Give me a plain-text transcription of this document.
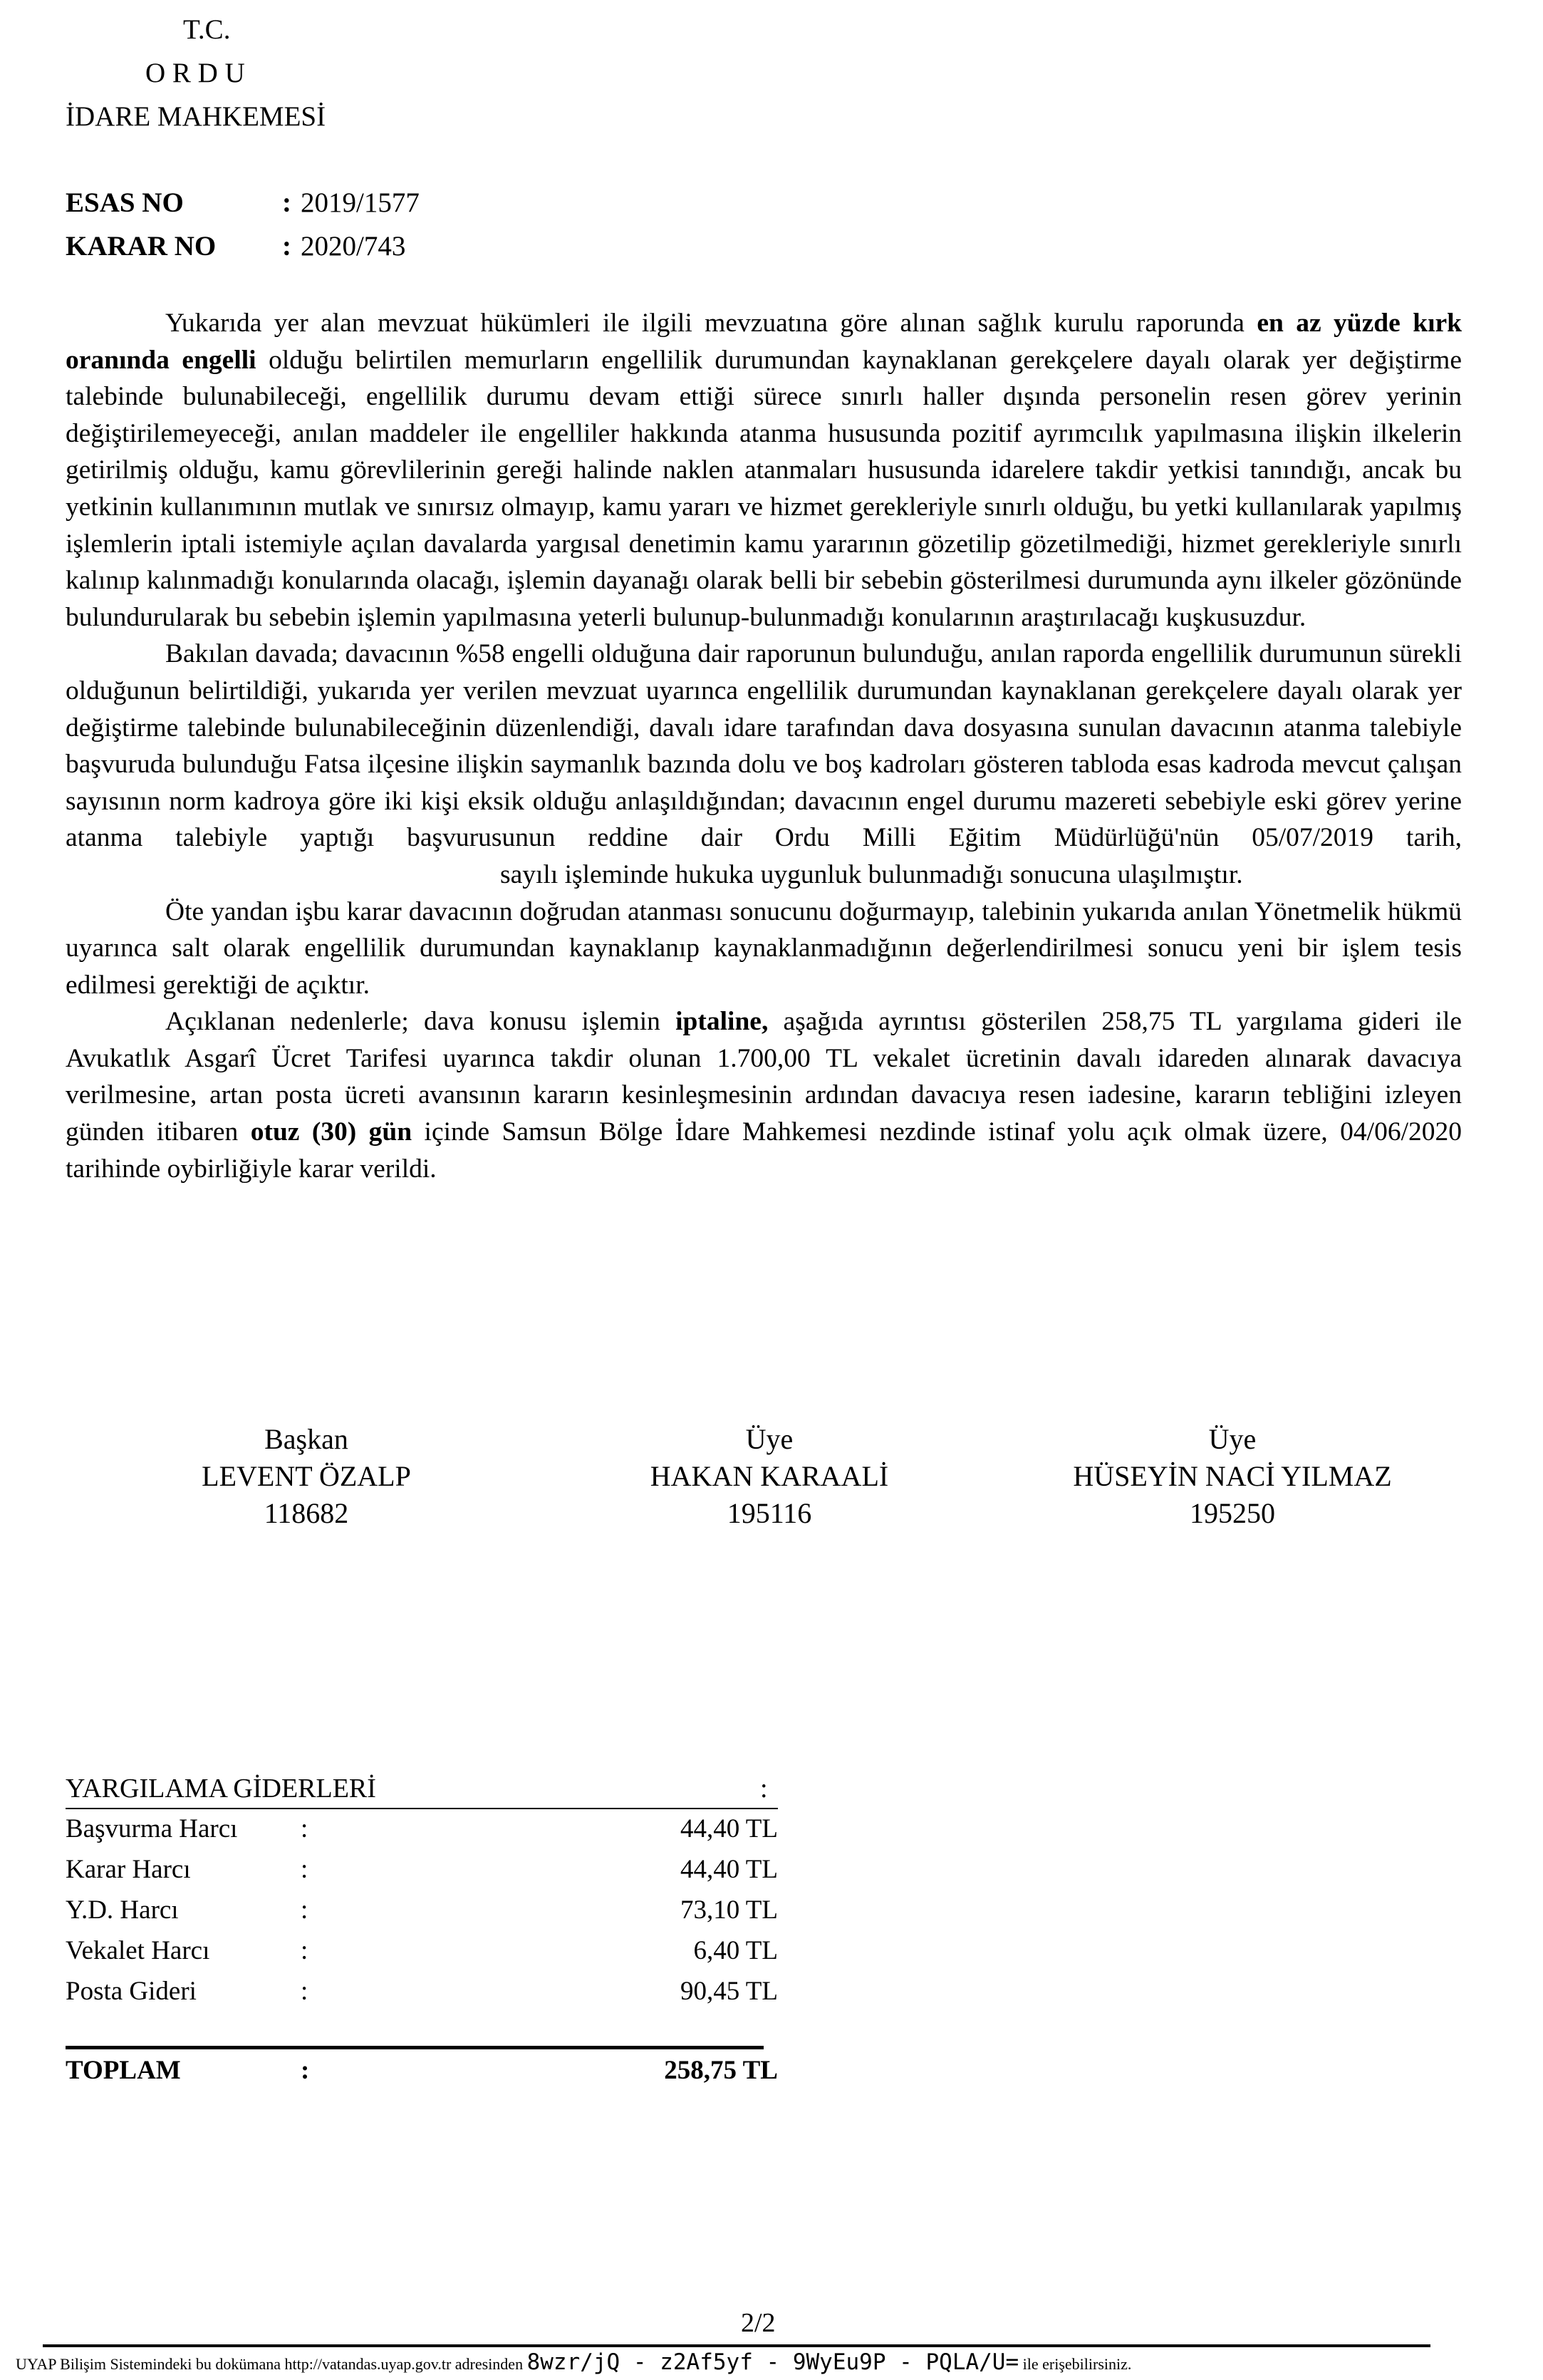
T.C.
O R D U
İDARE MAHKEMESİ
ESAS NO	: 2019/1577
KARAR NO : 2020/743

Yukarıda yer alan mevzuat hükümleri ile ilgili mevzuatına göre alınan sağlık kurulu raporunda en az yüzde kırk oranında engelli olduğu belirtilen memurların engellilik durumundan kaynaklanan gerekçelere dayalı olarak yer değiştirme talebinde bulunabileceği, engellilik durumu devam ettiği sürece sınırlı haller dışında personelin resen görev yerinin değiştirilemeyeceği, anılan maddeler ile engelliler hakkında atanma hususunda pozitif ayrımcılık yapılmasına ilişkin ilkelerin getirilmiş olduğu, kamu görevlilerinin gereği halinde naklen atanmaları hususunda idarelere takdir yetkisi tanındığı, ancak bu yetkinin kullanımının mutlak ve sınırsız olmayıp, kamu yararı ve hizmet gerekleriyle sınırlı olduğu, bu yetki kullanılarak yapılmış işlemlerin iptali istemiyle açılan davalarda yargısal denetimin kamu yararının gözetilip gözetilmediği, hizmet gerekleriyle sınırlı kalınıp kalınmadığı konularında olacağı, işlemin dayanağı olarak belli bir sebebin gösterilmesi durumunda aynı ilkeler gözönünde bulundurularak bu sebebin işlemin yapılmasına yeterli bulunup-bulunmadığı konularının araştırılacağı kuşkusuzdur.

Bakılan davada; davacının %58 engelli olduğuna dair raporunun bulunduğu, anılan raporda engellilik durumunun sürekli olduğunun belirtildiği, yukarıda yer verilen mevzuat uyarınca engellilik durumundan kaynaklanan gerekçelere dayalı olarak yer değiştirme talebinde bulunabileceğinin düzenlendiği, davalı idare tarafından dava dosyasına sunulan davacının atanma talebiyle başvuruda bulunduğu Fatsa ilçesine ilişkin saymanlık bazında dolu ve boş kadroları gösteren tabloda esas kadroda mevcut çalışan sayısının norm kadroya göre iki kişi eksik olduğu anlaşıldığından; davacının engel durumu mazereti sebebiyle eski görev yerine atanma talebiyle yaptığı başvurusunun reddine dair Ordu Milli Eğitim Müdürlüğü'nün 05/07/2019 tarih,sayılı işleminde hukuka uygunluk bulunmadığı sonucuna ulaşılmıştır.

Öte yandan işbu karar davacının doğrudan atanması sonucunu doğurmayıp, talebinin yukarıda anılan Yönetmelik hükmü uyarınca salt olarak engellilik durumundan kaynaklanıp kaynaklanmadığının değerlendirilmesi sonucu yeni bir işlem tesis edilmesi gerektiği de açıktır.

Açıklanan nedenlerle; dava konusu işlemin iptaline, aşağıda ayrıntısı gösterilen 258,75 TL yargılama gideri ile Avukatlık Asgarî Ücret Tarifesi uyarınca takdir olunan 1.700,00 TL vekalet ücretinin davalı idareden alınarak davacıya verilmesine, artan posta ücreti avansının kararın kesinleşmesinin ardından davacıya resen iadesine, kararın tebliğini izleyen günden itibaren otuz (30) gün içinde Samsun Bölge İdare Mahkemesi nezdinde istinaf yolu açık olmak üzere, 04/06/2020 tarihinde oybirliğiyle karar verildi.

Başkan
LEVENT ÖZALP
118682
Üye
HAKAN KARAALİ
195116
Üye
HÜSEYİN NACİ YILMAZ
195250
YARGILAMA GİDERLERİ	:
Başvurma Harcı :	44,40 TL
Karar Harcı	:	44,40 TL
Y.D. Harcı	:	73,10 TL
Vekalet Harcı	:	6,40 TL
Posta Gideri	:	90,45 TL
TOPLAM	:	258,75 TL
2/2
UYAP Bilişim Sistemindeki bu dokümana http://vatandas.uyap.gov.tr adresinden 8wzr/jQ - z2Af5yf - 9WyEu9P - PQLA/U= ile erişebilirsiniz.
